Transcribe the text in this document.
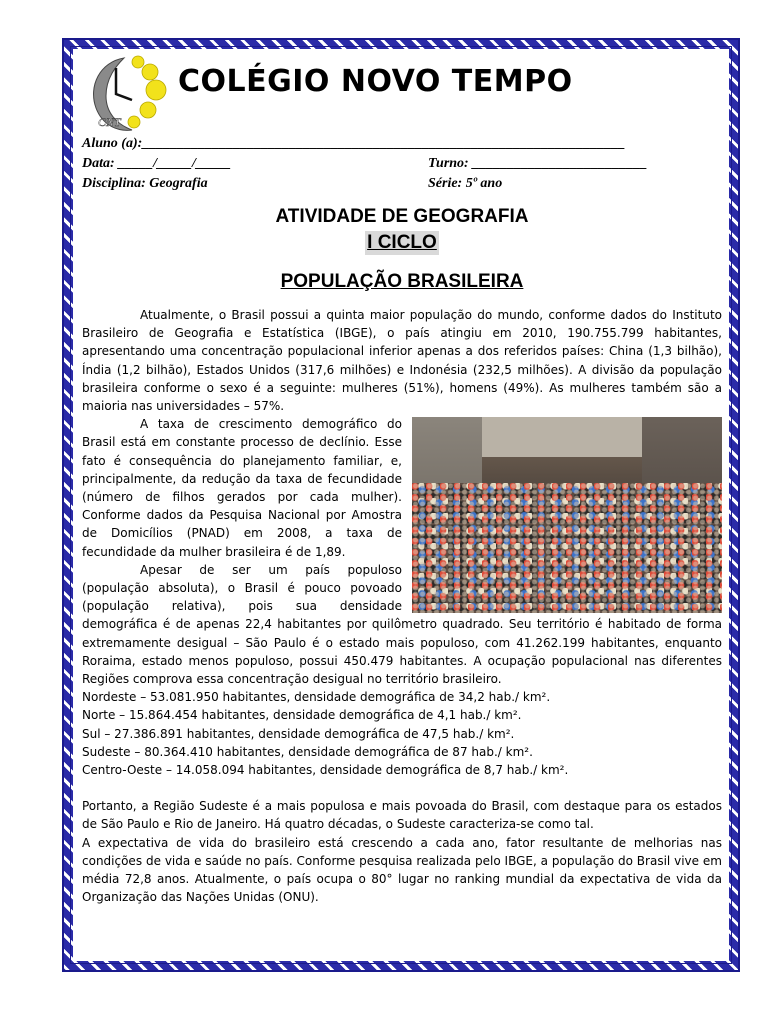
CNT
COLÉGIO NOVO TEMPO
Aluno (a):_____________________________________________________________________
Data: _____/_____/_____	Turno: _________________________
Disciplina: Geografia	Série: 5º ano
ATIVIDADE DE GEOGRAFIA
I CICLO
POPULAÇÃO BRASILEIRA

Atualmente, o Brasil possui a quinta maior população do mundo, conforme dados do Instituto Brasileiro de Geografia e Estatística (IBGE), o país atingiu em 2010, 190.755.799 habitantes, apresentando uma concentração populacional inferior apenas a dos referidos países: China (1,3 bilhão), Índia (1,2 bilhão), Estados Unidos (317,6 milhões) e Indonésia (232,5 milhões). A divisão da população brasileira conforme o sexo é a seguinte: mulheres (51%), homens (49%). As mulheres também são a maioria nas universidades – 57%.

A taxa de crescimento demográfico do Brasil está em constante processo de declínio. Esse fato é consequência do planejamento familiar, e, principalmente, da redução da taxa de fecundidade (número de filhos gerados por cada mulher). Conforme dados da Pesquisa Nacional por Amostra de Domicílios (PNAD) em 2008, a taxa de fecundidade da mulher brasileira é de 1,89.

Apesar de ser um país populoso (população absoluta), o Brasil é pouco povoado (população relativa), pois sua densidade demográfica é de apenas 22,4 habitantes por quilômetro quadrado. Seu território é habitado de forma extremamente desigual – São Paulo é o estado mais populoso, com 41.262.199 habitantes, enquanto Roraima, estado menos populoso, possui 450.479 habitantes. A ocupação populacional nas diferentes Regiões comprova essa concentração desigual no território brasileiro.

Nordeste – 53.081.950 habitantes, densidade demográfica de 34,2 hab./ km².
Norte – 15.864.454 habitantes, densidade demográfica de 4,1 hab./ km².
Sul – 27.386.891 habitantes, densidade demográfica de 47,5 hab./ km².
Sudeste – 80.364.410 habitantes, densidade demográfica de 87 hab./ km².
Centro-Oeste – 14.058.094 habitantes, densidade demográfica de 8,7 hab./ km².

Portanto, a Região Sudeste é a mais populosa e mais povoada do Brasil, com destaque para os estados de São Paulo e Rio de Janeiro. Há quatro décadas, o Sudeste caracteriza-se como tal.

A expectativa de vida do brasileiro está crescendo a cada ano, fator resultante de melhorias nas condições de vida e saúde no país. Conforme pesquisa realizada pelo IBGE, a população do Brasil vive em média 72,8 anos. Atualmente, o país ocupa o 80° lugar no ranking mundial da expectativa de vida da Organização das Nações Unidas (ONU).
